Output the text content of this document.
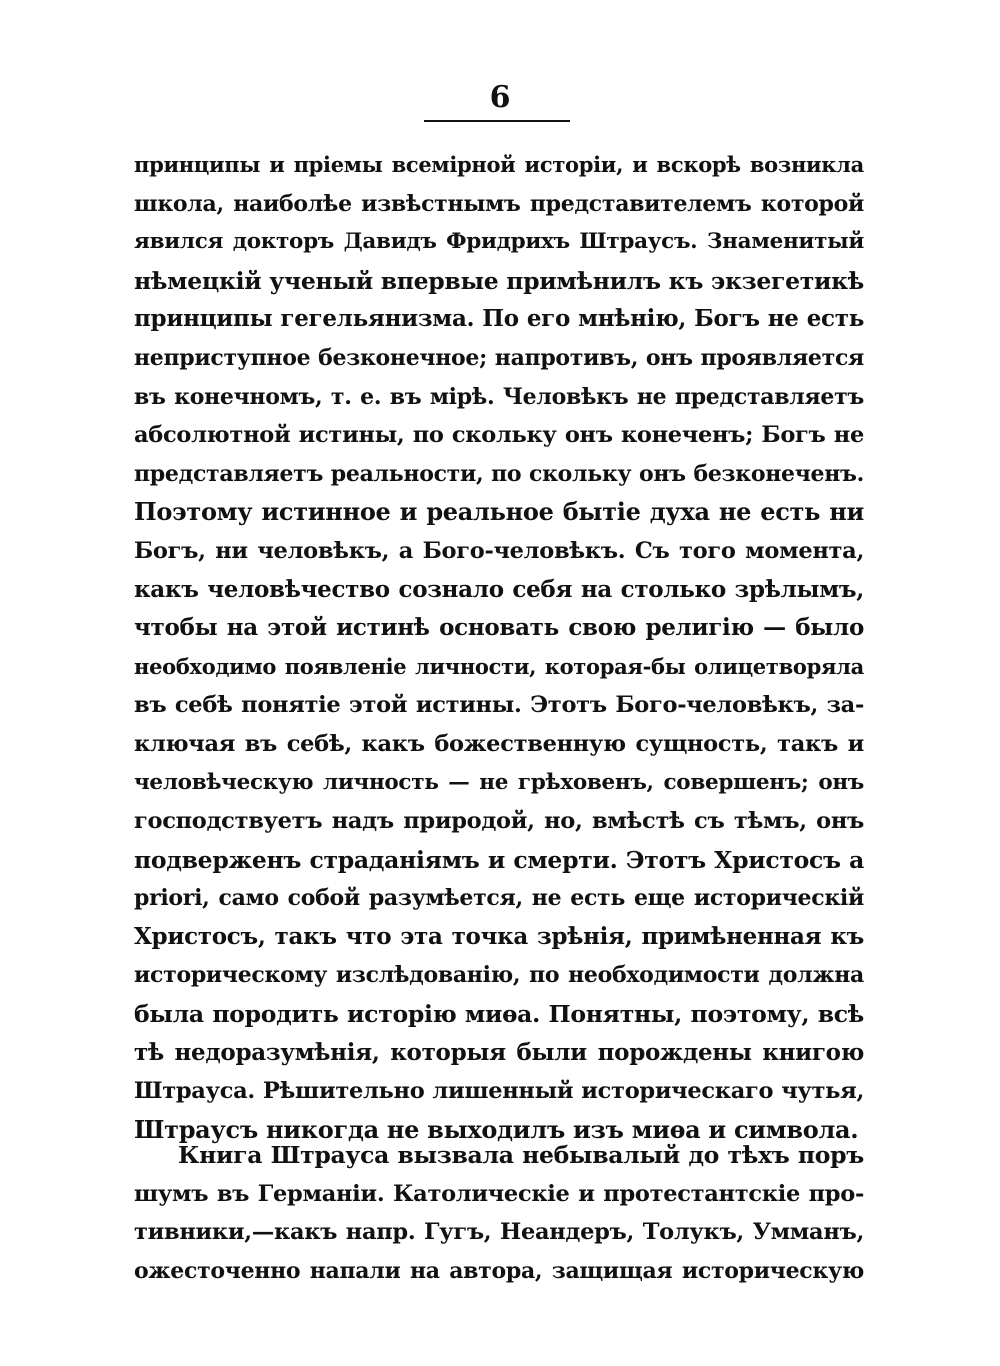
6
принципы и пріемы всемірной исторіи, и вскорѣ возникла
школа, наиболѣе извѣстнымъ представителемъ которой
явился докторъ Давидъ Фридрихъ Штраусъ. Знаменитый
нѣмецкій ученый впервые примѣнилъ къ экзегетикѣ
принципы гегельянизма. По его мнѣнію, Богъ не есть
неприступное безконечное; напротивъ, онъ проявляется
въ конечномъ, т. е. въ мірѣ. Человѣкъ не представляетъ
абсолютной истины, по скольку онъ конеченъ; Богъ не
представляетъ реальности, по скольку онъ безконеченъ.
Поэтому истинное и реальное бытіе духа не есть ни
Богъ, ни человѣкъ, а Бого-человѣкъ. Съ того момента,
какъ человѣчество сознало себя на столько зрѣлымъ,
чтобы на этой истинѣ основать свою религію — было
необходимо появленіе личности, которая-бы олицетворяла
въ себѣ понятіе этой истины. Этотъ Бого-человѣкъ, за-
ключая въ себѣ, какъ божественную сущность, такъ и
человѣческую личность — не грѣховенъ, совершенъ; онъ
господствуетъ надъ природой, но, вмѣстѣ съ тѣмъ, онъ
подверженъ страданіямъ и смерти. Этотъ Христосъ a
priori, само собой разумѣется, не есть еще историческій
Христосъ, такъ что эта точка зрѣнія, примѣненная къ
историческому изслѣдованію, по необходимости должна
была породить исторію миѳа. Понятны, поэтому, всѣ
тѣ недоразумѣнія, которыя были порождены книгою
Штрауса. Рѣшительно лишенный историческаго чутья,
Штраусъ никогда не выходилъ изъ миѳа и символа.
Книга Штрауса вызвала небывалый до тѣхъ поръ
шумъ въ Германіи. Католическіе и протестантскіе про-
тивники,—какъ напр. Гугъ, Неандеръ, Толукъ, Умманъ,
ожесточенно напали на автора, защищая историческую
